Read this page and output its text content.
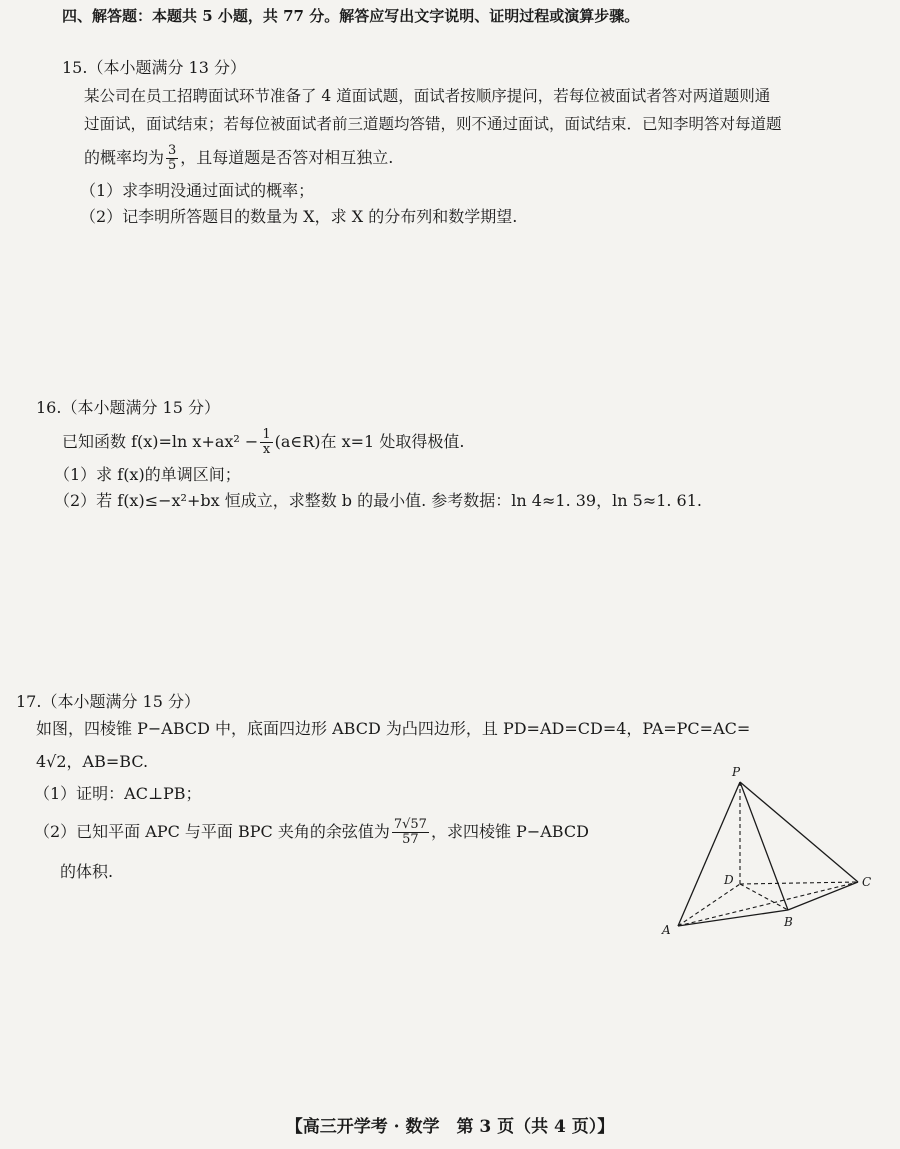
四、解答题：本题共 5 小题，共 77 分。解答应写出文字说明、证明过程或演算步骤。
15.（本小题满分 13 分）
某公司在员工招聘面试环节准备了 4 道面试题，面试者按顺序提问，若每位被面试者答对两道题则通
过面试，面试结束；若每位被面试者前三道题均答错，则不通过面试，面试结束．已知李明答对每道题
的概率均为 $\frac{3}{5}$ ，且每道题是否答对相互独立.
（1）求李明没通过面试的概率；
（2）记李明所答题目的数量为 X，求 X 的分布列和数学期望.
16.（本小题满分 15 分）
已知函数 f(x)=ln $x+ax^2 - \frac{1}{x}$ (a∈R)在 x=1 处取得极值.
（1）求 f(x)的单调区间；
（2）若 f(x)≤−x²+bx 恒成立，求整数 b 的最小值. 参考数据：ln 4≈1. 39，ln 5≈1. 61.
17.（本小题满分 15 分）
如图，四棱锥 P−ABCD 中，底面四边形 ABCD 为凸四边形，且 PD=AD=CD=4，PA=PC=AC=
4√2，AB=BC.
（1）证明：AC⊥PB；
（2）已知平面 APC 与平面 BPC 夹角的余弦值为 $\frac{7√57}{57}$ ，求四棱锥 P−ABCD
的体积.
P
A
B
C
D
【高三开学考 · 数学　第 3 页（共 4 页）】
